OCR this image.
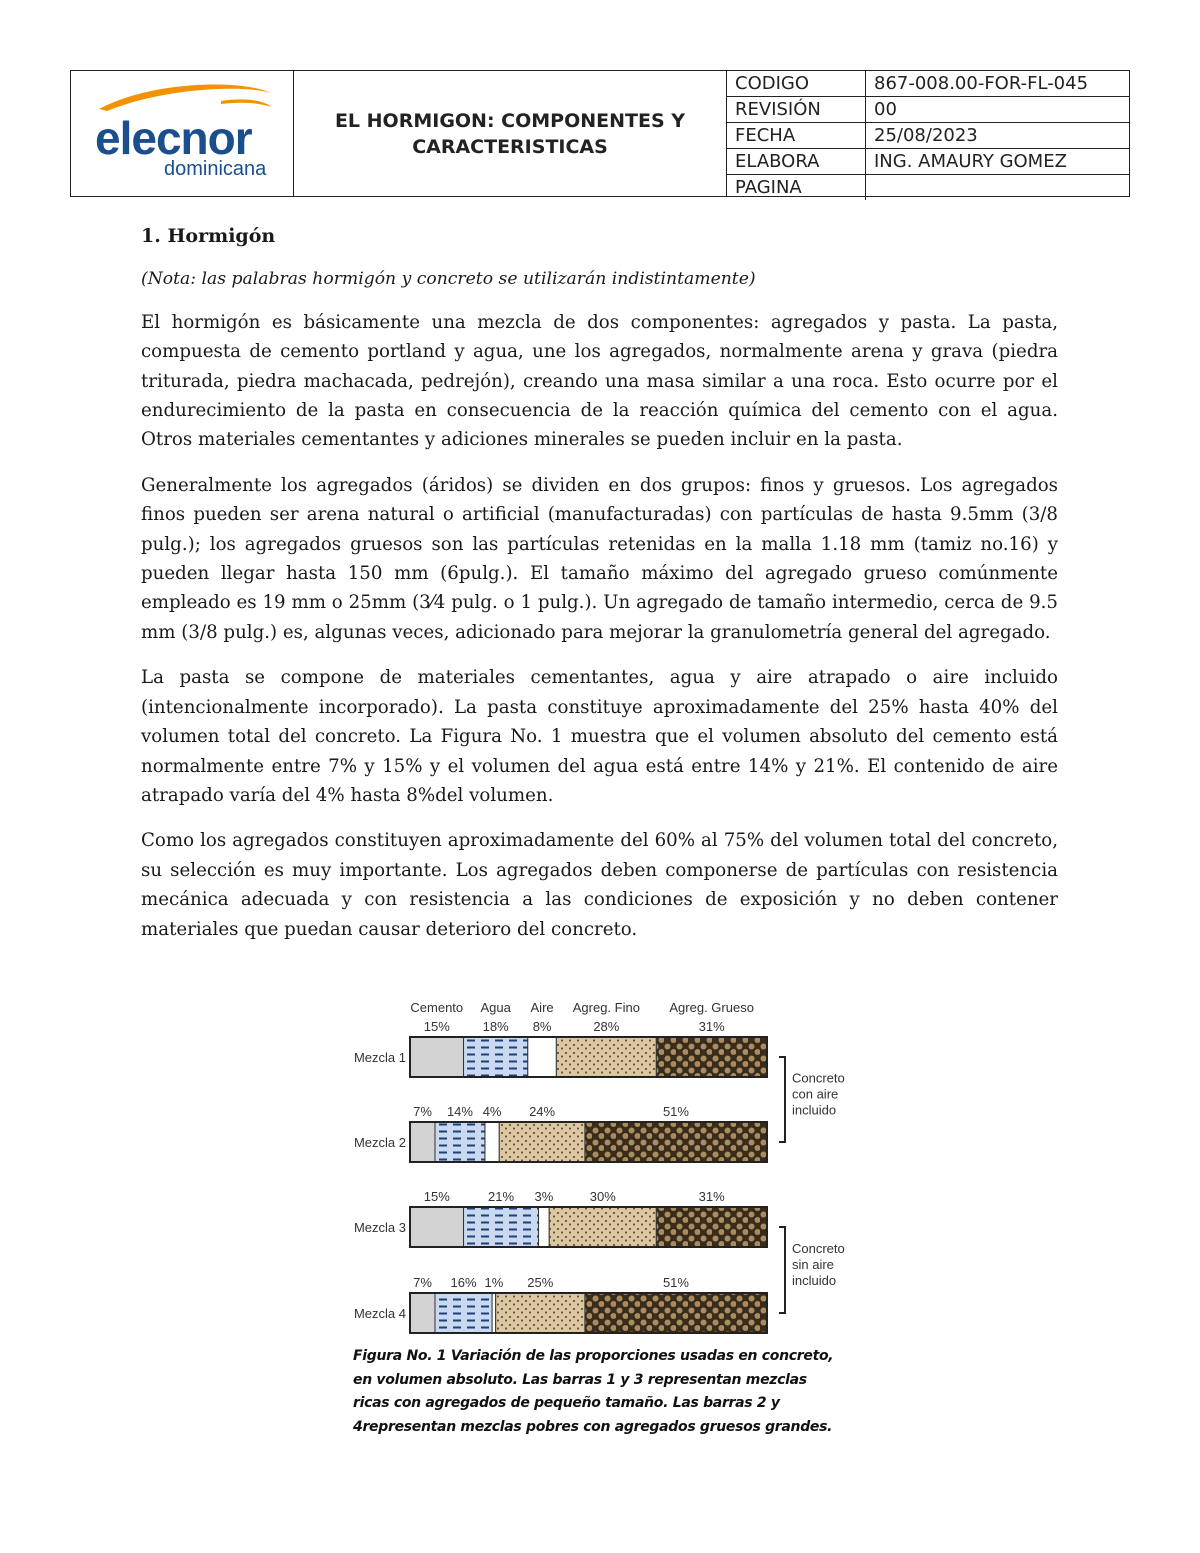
elecnor
dominicana
EL HORMIGON: COMPONENTES Y
CARACTERISTICAS
CODIGO	867-008.00-FOR-FL-045
REVISIÓN	00
FECHA	25/08/2023
ELABORA	ING. AMAURY GOMEZ
PAGINA	
1. Hormigón
(Nota: las palabras hormigón y concreto se utilizarán indistintamente)

El hormigón es básicamente una mezcla de dos componentes: agregados y pasta. La pasta, compuesta de cemento portland y agua, une los agregados, normalmente arena y grava (piedra triturada, piedra machacada, pedrejón), creando una masa similar a una roca. Esto ocurre por el endurecimiento de la pasta en consecuencia de la reacción química del cemento con el agua. Otros materiales cementantes y adiciones minerales se pueden incluir en la pasta.

Generalmente los agregados (áridos) se dividen en dos grupos: finos y gruesos. Los agregados finos pueden ser arena natural o artificial (manufacturadas) con partículas de hasta 9.5mm (3/8 pulg.); los agregados gruesos son las partículas retenidas en la malla 1.18 mm (tamiz no.16) y pueden llegar hasta 150 mm (6pulg.). El tamaño máximo del agregado grueso comúnmente empleado es 19 mm o 25mm (3⁄4 pulg. o 1 pulg.). Un agregado de tamaño intermedio, cerca de 9.5 mm (3/8 pulg.) es, algunas veces, adicionado para mejorar la granulometría general del agregado.

La pasta se compone de materiales cementantes, agua y aire atrapado o aire incluido (intencionalmente incorporado). La pasta constituye aproximadamente del 25% hasta 40% del volumen total del concreto. La Figura No. 1 muestra que el volumen absoluto del cemento está normalmente entre 7% y 15% y el volumen del agua está entre 14% y 21%. El contenido de aire atrapado varía del 4% hasta 8%del volumen.

Como los agregados constituyen aproximadamente del 60% al 75% del volumen total del concreto, su selección es muy importante. Los agregados deben componerse de partículas con resistencia mecánica adecuada y con resistencia a las condiciones de exposición y no deben contener materiales que puedan causar deterioro del concreto.

Cemento Agua Aire Agreg. Fino Agreg. Grueso
Mezcla 1
15%	18% 8%	28%	31%
Mezcla 2
7% 14% 4% 24%	51%
Mezcla 3
15%	21% 3%	30%	31%
Mezcla 4
7% 16% 1% 25%	51%
Concreto
con aire
incluido
Concreto
sin aire
incluido
Figura No. 1 Variación de las proporciones usadas en concreto, en volumen absoluto. Las barras 1 y 3 representan mezclas ricas con agregados de pequeño tamaño. Las barras 2 y 4representan mezclas pobres con agregados gruesos grandes.
